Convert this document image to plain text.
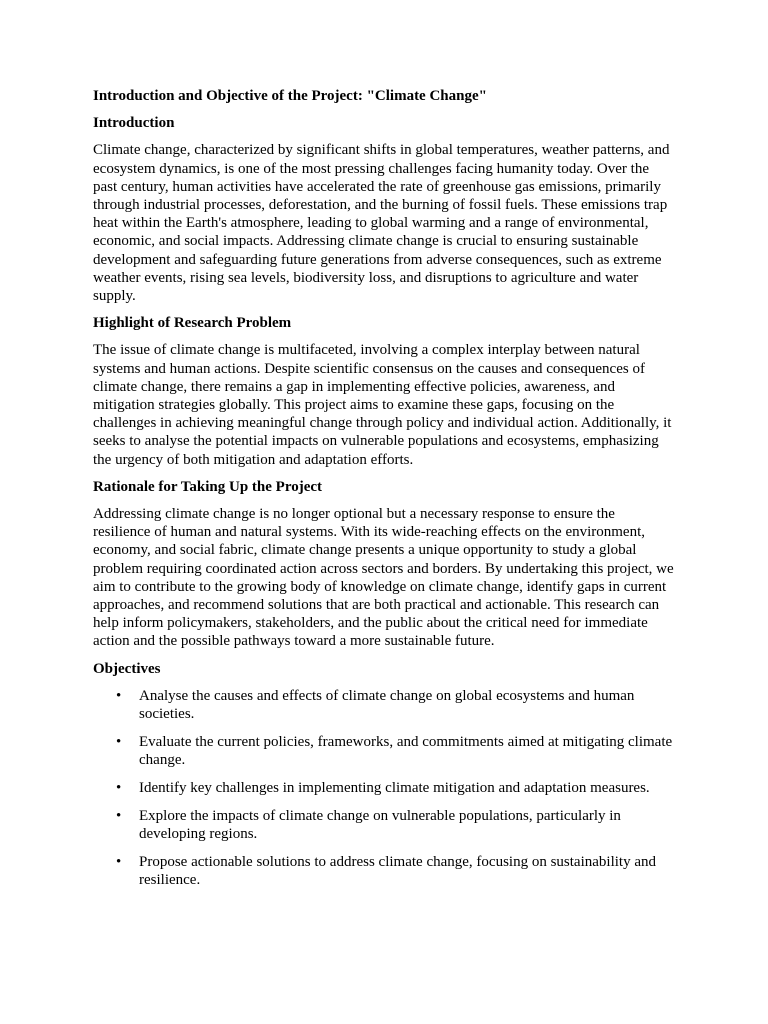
Introduction and Objective of the Project: "Climate Change"

Introduction

Climate change, characterized by significant shifts in global temperatures, weather patterns, and ecosystem dynamics, is one of the most pressing challenges facing humanity today. Over the past century, human activities have accelerated the rate of greenhouse gas emissions, primarily through industrial processes, deforestation, and the burning of fossil fuels. These emissions trap heat within the Earth's atmosphere, leading to global warming and a range of environmental, economic, and social impacts. Addressing climate change is crucial to ensuring sustainable development and safeguarding future generations from adverse consequences, such as extreme weather events, rising sea levels, biodiversity loss, and disruptions to agriculture and water supply.

Highlight of Research Problem

The issue of climate change is multifaceted, involving a complex interplay between natural systems and human actions. Despite scientific consensus on the causes and consequences of climate change, there remains a gap in implementing effective policies, awareness, and mitigation strategies globally. This project aims to examine these gaps, focusing on the challenges in achieving meaningful change through policy and individual action. Additionally, it seeks to analyse the potential impacts on vulnerable populations and ecosystems, emphasizing the urgency of both mitigation and adaptation efforts.

Rationale for Taking Up the Project

Addressing climate change is no longer optional but a necessary response to ensure the resilience of human and natural systems. With its wide-reaching effects on the environment, economy, and social fabric, climate change presents a unique opportunity to study a global problem requiring coordinated action across sectors and borders. By undertaking this project, we aim to contribute to the growing body of knowledge on climate change, identify gaps in current approaches, and recommend solutions that are both practical and actionable. This research can help inform policymakers, stakeholders, and the public about the critical need for immediate action and the possible pathways toward a more sustainable future.

Objectives

• Analyse the causes and effects of climate change on global ecosystems and human societies.
• Evaluate the current policies, frameworks, and commitments aimed at mitigating climate change.
• Identify key challenges in implementing climate mitigation and adaptation measures.
• Explore the impacts of climate change on vulnerable populations, particularly in developing regions.
• Propose actionable solutions to address climate change, focusing on sustainability and resilience.
